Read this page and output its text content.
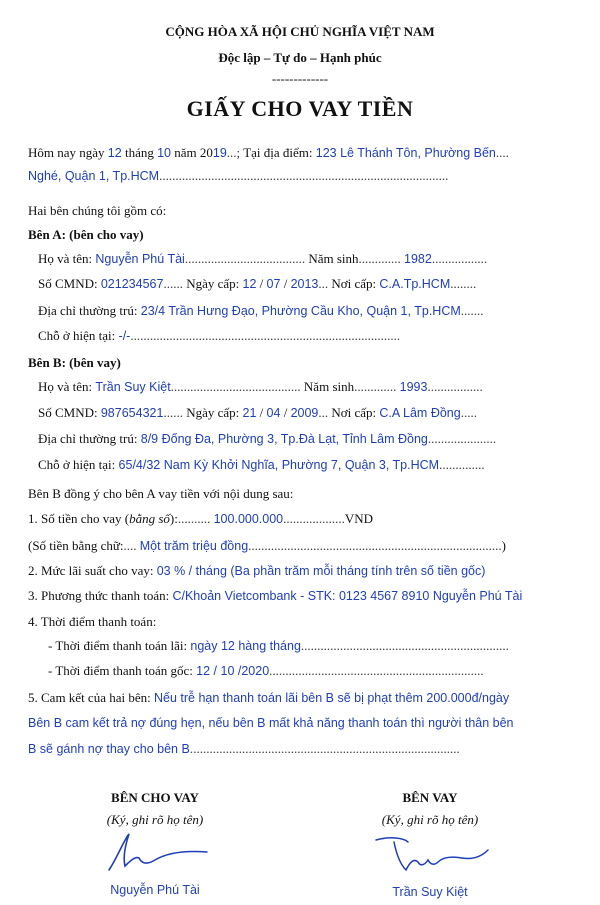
CỘNG HÒA XÃ HỘI CHỦ NGHĨA VIỆT NAM
Độc lập – Tự do – Hạnh phúc
-------------
GIẤY CHO VAY TIỀN
Hôm nay ngày 12 tháng 10 năm 2019...; Tại địa điểm: 123 Lê Thánh Tôn, Phường Bến....
Nghé, Quận 1, Tp.HCM.........................................................................................
Hai bên chúng tôi gồm có:
Bên A: (bên cho vay)
Họ và tên: Nguyễn Phú Tài..................................... Năm sinh............. 1982.................
Số CMND: 021234567...... Ngày cấp: 12 / 07 / 2013... Nơi cấp: C.A.Tp.HCM........
Địa chỉ thường trú: 23/4 Trần Hưng Đạo, Phường Cầu Kho, Quận 1, Tp.HCM.......
Chỗ ở hiện tại: -/-...................................................................................
Bên B: (bên vay)
Họ và tên: Trần Suy Kiệt........................................ Năm sinh............. 1993.................
Số CMND: 987654321...... Ngày cấp: 21 / 04 / 2009... Nơi cấp: C.A Lâm Đồng.....
Địa chỉ thường trú: 8/9 Đống Đa, Phường 3, Tp.Đà Lạt, Tỉnh Lâm Đồng.....................
Chỗ ở hiện tại: 65/4/32 Nam Kỳ Khởi Nghĩa, Phường 7, Quận 3, Tp.HCM..............
Bên B đồng ý cho bên A vay tiền với nội dung sau:
1. Số tiền cho vay (bằng số):.......... 100.000.000...................VND
(Số tiền bằng chữ:.... Một trăm triệu đồng..............................................................................)
2. Mức lãi suất cho vay: 03 % / tháng (Ba phần trăm mỗi tháng tính trên số tiền gốc)
3. Phương thức thanh toán: C/Khoản Vietcombank - STK: 0123 4567 8910 Nguyễn Phú Tài
4. Thời điểm thanh toán:
- Thời điểm thanh toán lãi: ngày 12 hàng tháng................................................................
- Thời điểm thanh toán gốc: 12 / 10 /2020..................................................................
5. Cam kết của hai bên: Nếu trễ hạn thanh toán lãi bên B sẽ bị phạt thêm 200.000đ/ngày
Bên B cam kết trả nợ đúng hẹn, nếu bên B mất khả năng thanh toán thì người thân bên
B sẽ gánh nợ thay cho bên B...................................................................................
BÊN CHO VAY
(Ký, ghi rõ họ tên)
Nguyễn Phú Tài
BÊN VAY
(Ký, ghi rõ họ tên)
Trần Suy Kiệt
